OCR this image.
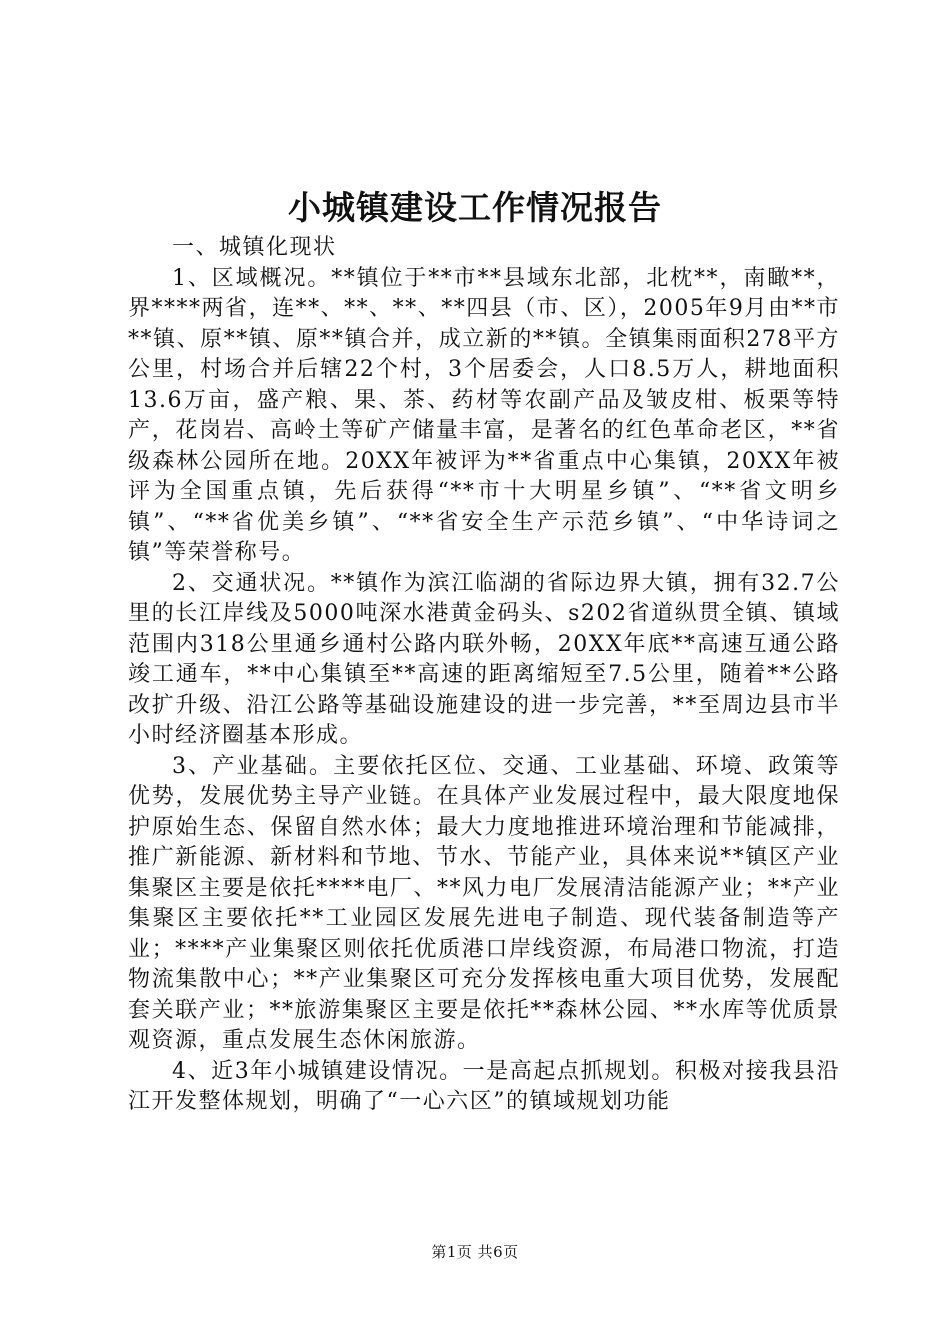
小城镇建设工作情况报告

一、城镇化现状

1、区域概况。**镇位于**市**县域东北部，北枕**，南瞰**，界****两省，连**、**、**、**四县（市、区），2005年9月由**市**镇、原**镇、原**镇合并，成立新的**镇。全镇集雨面积278平方公里，村场合并后辖22个村，3个居委会，人口8.5万人，耕地面积13.6万亩，盛产粮、果、茶、药材等农副产品及皱皮柑、板栗等特产，花岗岩、高岭土等矿产储量丰富，是著名的红色革命老区，**省级森林公园所在地。20XX年被评为**省重点中心集镇，20XX年被评为全国重点镇，先后获得“**市十大明星乡镇”、“**省文明乡镇”、“**省优美乡镇”、“**省安全生产示范乡镇”、“中华诗词之镇”等荣誉称号。

2、交通状况。**镇作为滨江临湖的省际边界大镇，拥有32.7公里的长江岸线及5000吨深水港黄金码头、s202省道纵贯全镇、镇域范围内318公里通乡通村公路内联外畅，20XX年底**高速互通公路竣工通车，**中心集镇至**高速的距离缩短至7.5公里，随着**公路改扩升级、沿江公路等基础设施建设的进一步完善，**至周边县市半小时经济圈基本形成。

3、产业基础。主要依托区位、交通、工业基础、环境、政策等优势，发展优势主导产业链。在具体产业发展过程中，最大限度地保护原始生态、保留自然水体；最大力度地推进环境治理和节能减排，推广新能源、新材料和节地、节水、节能产业，具体来说**镇区产业集聚区主要是依托****电厂、**风力电厂发展清洁能源产业；**产业集聚区主要依托**工业园区发展先进电子制造、现代装备制造等产业；****产业集聚区则依托优质港口岸线资源，布局港口物流，打造物流集散中心；**产业集聚区可充分发挥核电重大项目优势，发展配套关联产业；**旅游集聚区主要是依托**森林公园、**水库等优质景观资源，重点发展生态休闲旅游。

4、近3年小城镇建设情况。一是高起点抓规划。积极对接我县沿江开发整体规划，明确了“一心六区”的镇域规划功能

第1页 共6页
